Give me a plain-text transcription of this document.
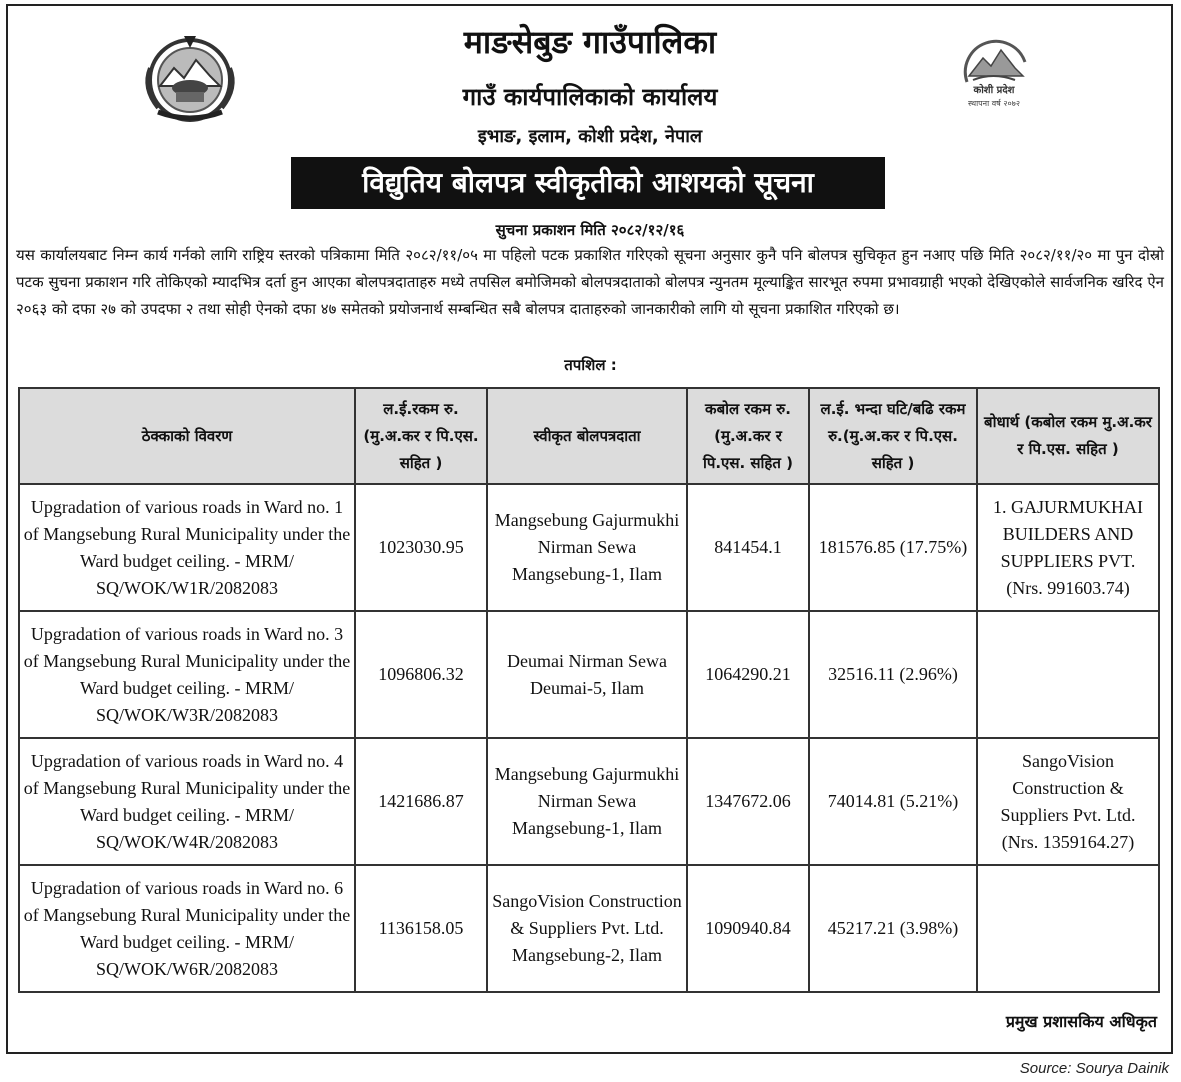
कोशी प्रदेश
स्थापना वर्ष २०७२
माङसेबुङ गाउँपालिका
गाउँ कार्यपालिकाको कार्यालय
इभाङ, इलाम, कोशी प्रदेश, नेपाल
विद्युतिय बोलपत्र स्वीकृतीको आशयको सूचना
सुचना प्रकाशन मिति २०८२/१२/१६
यस कार्यालयबाट निम्न कार्य गर्नको लागि राष्ट्रिय स्तरको पत्रिकामा मिति २०८२/११/०५ मा पहिलो पटक प्रकाशित गरिएको सूचना अनुसार कुनै पनि बोलपत्र सुचिकृत हुन नआए पछि मिति २०८२/११/२० मा पुन दोस्रो पटक सुचना प्रकाशन गरि तोकिएको म्यादभित्र दर्ता हुन आएका बोलपत्रदाताहरु मध्ये तपसिल बमोजिमको बोलपत्रदाताको बोलपत्र न्युनतम मूल्याङ्कित सारभूत रुपमा प्रभावग्राही भएको देखिएकोले सार्वजनिक खरिद ऐन २०६३ को दफा २७ को उपदफा २ तथा सोही ऐनको दफा ४७ समेतको प्रयोजनार्थ सम्बन्धित सबै बोलपत्र दाताहरुको जानकारीको लागि यो सूचना प्रकाशित गरिएको छ।
तपशिल :
ठेक्काको विवरण	ल.ई.रकम रु. (मु.अ.कर र पि.एस. सहित )	स्वीकृत बोलपत्रदाता	कबोल रकम रु. (मु.अ.कर र पि.एस. सहित )	ल.ई. भन्दा घटि/बढि रकम रु.(मु.अ.कर र पि.एस. सहित )	बोधार्थ (कबोल रकम मु.अ.कर र पि.एस. सहित )
Upgradation of various roads in Ward no. 1 of Mangsebung Rural Municipality under the Ward budget ceiling. - MRM/ SQ/WOK/W1R/2082083	1023030.95	Mangsebung Gajurmukhi Nirman Sewa Mangsebung-1, Ilam	841454.1	181576.85 (17.75%)	1. GAJURMUKHAI BUILDERS AND SUPPLIERS PVT. (Nrs. 991603.74)
Upgradation of various roads in Ward no. 3 of Mangsebung Rural Municipality under the Ward budget ceiling. - MRM/ SQ/WOK/W3R/2082083	1096806.32	Deumai Nirman Sewa Deumai-5, Ilam	1064290.21	32516.11 (2.96%)	
Upgradation of various roads in Ward no. 4 of Mangsebung Rural Municipality under the Ward budget ceiling. - MRM/ SQ/WOK/W4R/2082083	1421686.87	Mangsebung Gajurmukhi Nirman Sewa Mangsebung-1, Ilam	1347672.06	74014.81 (5.21%)	SangoVision Construction & Suppliers Pvt. Ltd. (Nrs. 1359164.27)
Upgradation of various roads in Ward no. 6 of Mangsebung Rural Municipality under the Ward budget ceiling. - MRM/ SQ/WOK/W6R/2082083	1136158.05	SangoVision Construction & Suppliers Pvt. Ltd. Mangsebung-2, Ilam	1090940.84	45217.21 (3.98%)	
प्रमुख प्रशासकिय अधिकृत
Source: Sourya Dainik
